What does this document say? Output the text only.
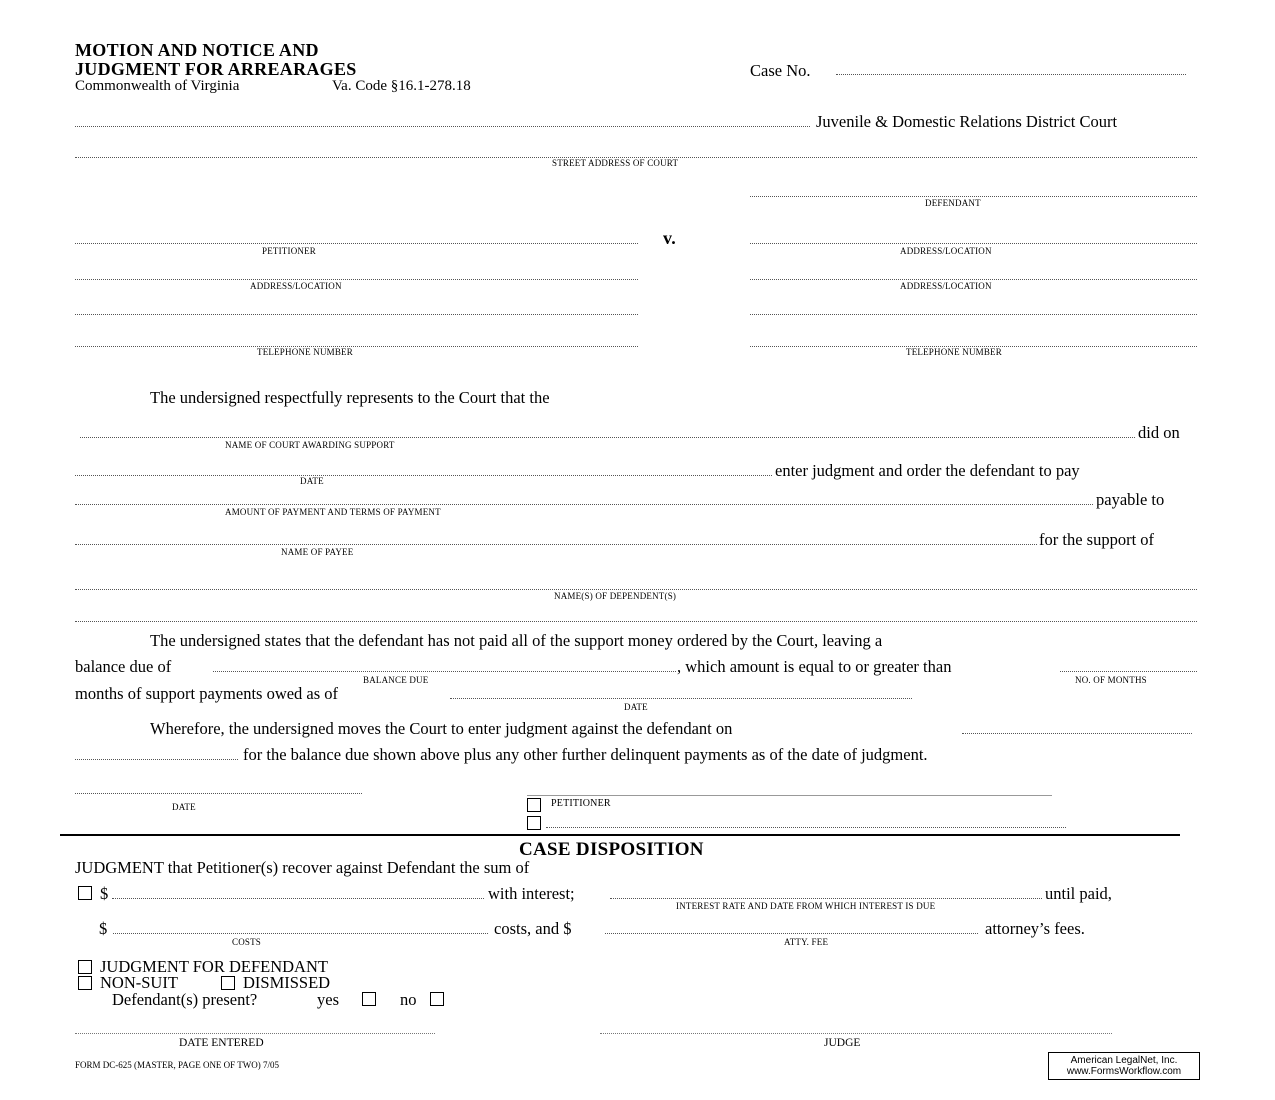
MOTION AND NOTICE AND
JUDGMENT FOR ARREARAGES
Commonwealth of Virginia	Va. Code §16.1-278.18
Case No.
Juvenile & Domestic Relations District Court
STREET ADDRESS OF COURT
DEFENDANT
PETITIONER
v.
ADDRESS/LOCATION
ADDRESS/LOCATION	ADDRESS/LOCATION
TELEPHONE NUMBER	TELEPHONE NUMBER
The undersigned respectfully represents to the Court that the
did on
NAME OF COURT AWARDING SUPPORT
enter judgment and order the defendant to pay
DATE
payable to
AMOUNT OF PAYMENT AND TERMS OF PAYMENT
for the support of
NAME OF PAYEE
NAME(S) OF DEPENDENT(S)
The undersigned states that the defendant has not paid all of the support money ordered by the Court, leaving a
balance due of	, which amount is equal to or greater than
BALANCE DUE	NO. OF MONTHS
months of support payments owed as of
DATE
Wherefore, the undersigned moves the Court to enter judgment against the defendant on
for the balance due shown above plus any other further delinquent payments as of the date of judgment.
DATE	PETITIONER
CASE DISPOSITION
JUDGMENT that Petitioner(s) recover against Defendant the sum of
$	with interest;	until paid,
INTEREST RATE AND DATE FROM WHICH INTEREST IS DUE
$	costs, and $	attorney’s fees.
COSTS	ATTY. FEE
JUDGMENT FOR DEFENDANT
NON-SUIT	DISMISSED
Defendant(s) present?	yes	no
DATE ENTERED	JUDGE
FORM DC-625 (MASTER, PAGE ONE OF TWO) 7/05	American LegalNet, Inc.
www.FormsWorkflow.com
